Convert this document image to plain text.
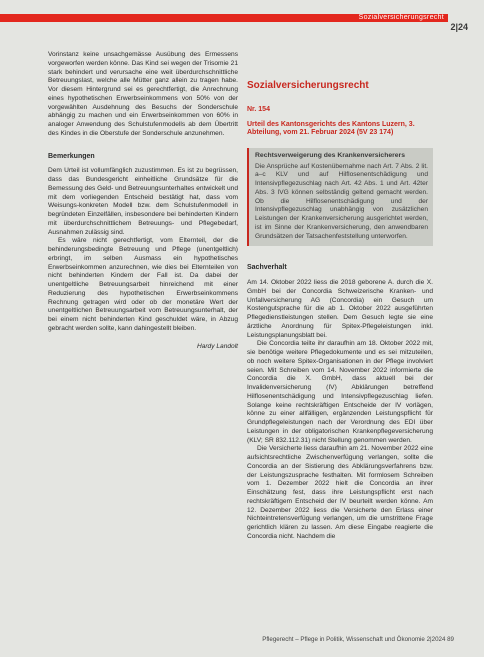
Sozialversicherungsrecht
2|24

Vorinstanz keine unsachgemässe Ausübung des Ermessens vorgeworfen werden könne. Das Kind sei wegen der Trisomie 21 stark behindert und verursache eine weit überdurchschnittliche Betreuungslast, welche alle Mütter ganz allein zu tragen habe. Vor diesem Hintergrund sei es gerechtfertigt, die Anrechnung eines hypothetischen Erwerbseinkommens von 50% von der vorgewählten Ausdehnung des Besuchs der Sonderschule abhängig zu machen und ein Erwerbseinkommen von 60% in analoger Anwendung des Schulstufenmodells ab dem Übertritt des Kindes in die Oberstufe der Sonderschule anzunehmen.

Bemerkungen

Dem Urteil ist vollumfänglich zuzustimmen. Es ist zu begrüssen, dass das Bundesgericht einheitliche Grundsätze für die Bemessung des Geld- und Betreuungsunterhaltes entwickelt und mit dem vorliegenden Entscheid bestätigt hat, dass vom Weisungs-konkreten Modell bzw. dem Schulstufenmodell in begründeten Einzelfällen, insbesondere bei behinderten Kindern mit überdurchschnittlichem Betreuungs- und Pflegebedarf, Ausnahmen zulässig sind.

Es wäre nicht gerechtfertigt, vom Elternteil, der die behinderungsbedingte Betreuung und Pflege (unentgeltlich) erbringt, im selben Ausmass ein hypothetisches Erwerbseinkommen anzurechnen, wie dies bei Elternteilen von nicht behinderten Kindern der Fall ist. Da dabei der unentgeltliche Betreuungsarbeit hinreichend mit einer Reduzierung des hypothetischen Erwerbseinkommens Rechnung getragen wird oder ob der monetäre Wert der unentgeltlichen Betreuungsarbeit vom Betreuungsunterhalt, der bei einem nicht behinderten Kind geschuldet wäre, in Abzug gebracht werden sollte, kann dahingestellt bleiben.

Hardy Landolt
Sozialversicherungsrecht
Nr. 154
Urteil des Kantonsgerichts des Kantons Luzern, 3. Abteilung, vom 21. Februar 2024 (5V 23 174)
Rechtsverweigerung des Krankenversicherers
Die Ansprüche auf Kostenübernahme nach Art. 7 Abs. 2 lit. a–c KLV und auf Hilflosenentschädigung und Intensivpflegezuschlag nach Art. 42 Abs. 1 und Art. 42ter Abs. 3 IVG können selbständig geltend gemacht werden. Ob die Hilflosenentschädigung und der Intensivpflegezuschlag unabhängig von zusätzlichen Leistungen der Krankenversicherung ausgerichtet werden, ist im Sinne der Krankenversicherung, den anwendbaren Grundsätzen der Tatsachenfeststellung unterworfen.
Sachverhalt

Am 14. Oktober 2022 liess die 2018 geborene A. durch die X. GmbH bei der Concordia Schweizerische Kranken- und Unfallversicherung AG (Concordia) ein Gesuch um Kostengutsprache für die ab 1. Oktober 2022 ausgeführten Pflegedienstleistungen stellen. Dem Gesuch legte sie eine ärztliche Anordnung für Spitex-Pflegeleistungen inkl. Leistungsplanungsblatt bei.

Die Concordia teilte ihr daraufhin am 18. Oktober 2022 mit, sie benötige weitere Pflegedokumente und es sei mitzuteilen, ob noch weitere Spitex-Organisationen in der Pflege involviert seien. Mit Schreiben vom 14. November 2022 informierte die Concordia die X. GmbH, dass aktuell bei der Invalidenversicherung (IV) Abklärungen betreffend Hilflosenentschädigung und Intensivpflegezuschlag liefen. Solange keine rechtskräftigen Entscheide der IV vorlägen, könne zu einer allfälligen, ergänzenden Leistungspflicht für Grundpflegeleistungen nach der Verordnung des EDI über Leistungen in der obligatorischen Krankenpflegeversicherung (KLV; SR 832.112.31) nicht Stellung genommen werden.

Die Versicherte liess daraufhin am 21. November 2022 eine aufsichtsrechtliche Zwischenverfügung verlangen, sollte die Concordia an der Sistierung des Abklärungsverfahrens bzw. der Leistungszusprache festhalten. Mit formlosem Schreiben vom 1. Dezember 2022 hielt die Concordia an ihrer Einschätzung fest, dass ihre Leistungspflicht erst nach rechtskräftigem Entscheid der IV beurteilt werden könne. Am 12. Dezember 2022 liess die Versicherte den Erlass einer Nichteintretensverfügung verlangen, um die umstrittene Frage gerichtlich klären zu lassen. Am diese Eingabe reagierte die Concordia nicht. Nachdem die

Pflegerecht – Pflege in Politik, Wissenschaft und Ökonomie 2|2024 89
